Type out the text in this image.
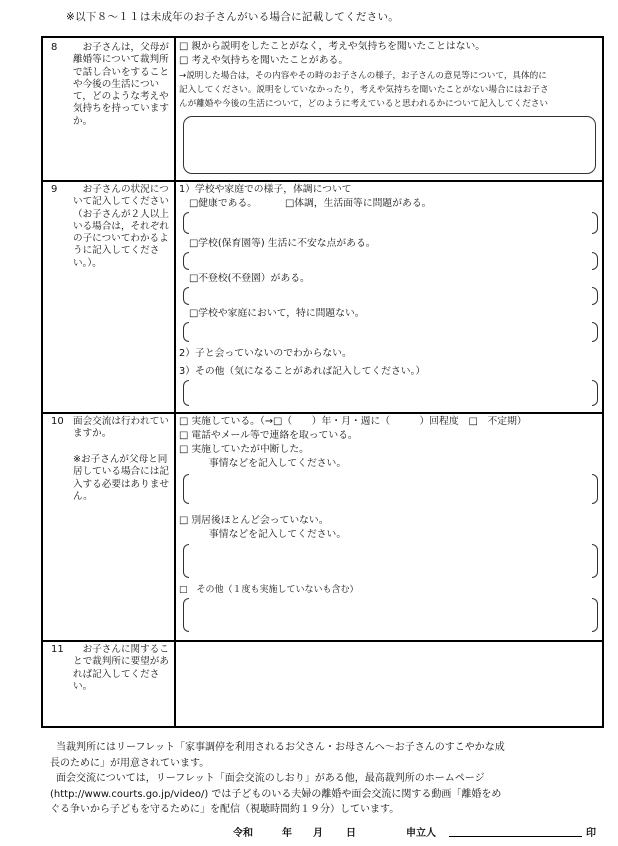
※以下８～１１は未成年のお子さんがいる場合に記載してください。
8 　お子さんは，父母が離婚等について裁判所で話し合いをすることや今後の生活について，どのような考えや気持ちを持っていますか。
□ 親から説明をしたことがなく，考えや気持ちを聞いたことはない。
□ 考えや気持ちを聞いたことがある。
→説明した場合は，その内容やその時のお子さんの様子，お子さんの意見等について，具体的に
記入してください。説明をしていなかったり，考えや気持ちを聞いたことがない場合にはお子さ
んが離婚や今後の生活について，どのように考えていると思われるかについて記入してください
9 　お子さんの状況について記入してください（お子さんが２人以上いる場合は，それぞれの子についてわかるように記入してください。）。
1）学校や家庭での様子，体調について
□健康である。	□体調，生活面等に問題がある。
□学校(保育園等) 生活に不安な点がある。
□不登校(不登園）がある。
□学校や家庭において，特に問題ない。
2）子と会っていないのでわからない。
3）その他（気になることがあれば記入してください。）
10 面会交流は行われていますか。
※お子さんが父母と同居している場合には記入する必要はありません。
□ 実施している。（→□（　　）年・月・週に（　　　）回程度　□　不定期）
□ 電話やメール等で連絡を取っている。
□ 実施していたが中断した。
事情などを記入してください。
□ 別居後ほとんど会っていない。
事情などを記入してください。
□　その他（１度も実施していないも含む）
11 　お子さんに関することで裁判所に要望があれば記入してください。
当裁判所にはリーフレット「家事調停を利用されるお父さん・お母さんへ～お子さんのすこやかな成
長のために」が用意されています。
面会交流については，リーフレット「面会交流のしおり」がある他，最高裁判所のホームページ
(http://www.courts.go.jp/video/) では子どものいる夫婦の離婚や面会交流に関する動画「離婚をめ
ぐる争いから子どもを守るために」を配信（視聴時間約１９分）しています。
令和	年 月 日	申立人	印
